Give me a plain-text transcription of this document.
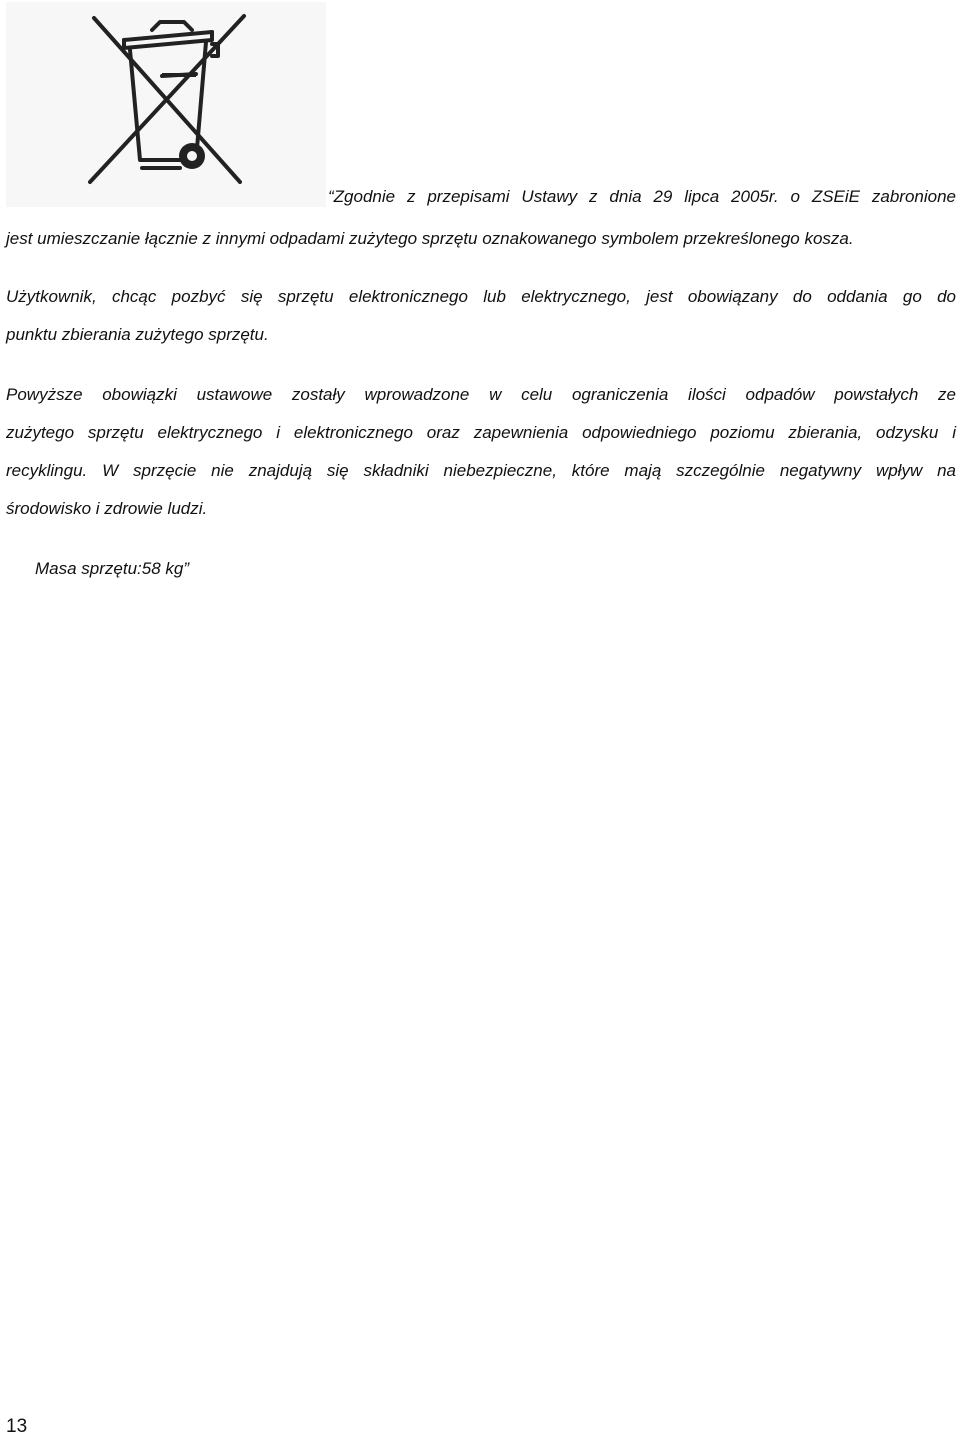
“Zgodnie z przepisami Ustawy z dnia 29 lipca 2005r. o ZSEiE zabronione
jest umieszczanie łącznie z innymi odpadami zużytego sprzętu oznakowanego symbolem przekreślonego kosza.
Użytkownik, chcąc pozbyć się sprzętu elektronicznego lub elektrycznego, jest obowiązany do oddania go do
punktu zbierania zużytego sprzętu.
Powyższe obowiązki ustawowe zostały wprowadzone w celu ograniczenia ilości odpadów powstałych ze
zużytego sprzętu elektrycznego i elektronicznego oraz zapewnienia odpowiedniego poziomu zbierania, odzysku i
recyklingu. W sprzęcie nie znajdują się składniki niebezpieczne, które mają szczególnie negatywny wpływ na
środowisko i zdrowie ludzi.
Masa sprzętu:58 kg”
13
